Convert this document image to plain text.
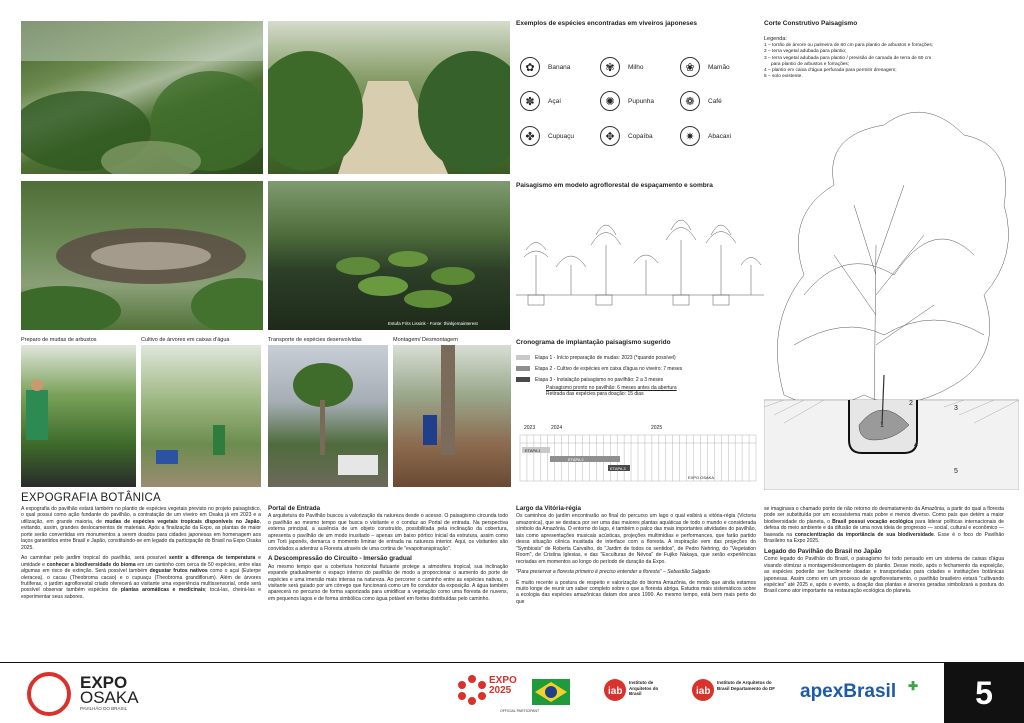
Estufa Frits Lissink - Fonte: thinkjemainterest
Preparo de mudas de arbustos	Cultivo de árvores em caixas d'água	Transporte de espécies desenvolvidas	Montagem/ Desmontagem
Exemplos de espécies encontradas em viveiros japoneses
✿	Banana	✾	Milho	❀	Mamão
✽	Açaí	✺	Pupunha	❁	Café
✤	Cupuaçu	✥	Copaíba	✷	Abacaxi
Corte Construtivo Paisagismo
Legenda:
1 – torrão de árvore ou palmeira de 60 cm para plantio de arbustos e forrações;
2 – terra vegetal adubada para plantio;
3 – terra vegetal adubada para plantio / previsão de camada de terra de 60 cm
para plantio de arbustos e forrações;
4 – plantio em caixa d'água perfurada para permitir drenagem;
5 – solo existente.
1
2
3
4
5
Paisagismo em modelo agroflorestal de espaçamento e sombra
Cronograma de implantação paisagismo sugerido
Etapa 1 - Início preparação de mudas: 2023 (*quando possível)
Etapa 2 - Cultivo de espécies em caixa d'água no viveiro: 7 meses
Etapa 3 - Instalação paisagismo no pavilhão: 2 a 3 meses
Paisagismo pronto no pavilhão: 6 meses antes da abertura
Retirada das espécies para doação: 15 dias
2023	2024	2025
ETAPA 1
ETAPA 2
ETAPA 3
EXPO OSAKA
EXPOGRAFIA BOTÂNICA

A expografia do pavilhão estará também no plantio de espécies vegetais previsto no projeto paisagístico, o qual possui como ação fundante do pavilhão, a contratação de um viveiro em Osaka já em 2023 e a utilização, em grande maioria, de mudas de espécies vegetais tropicais disponíveis no Japão, evitando, assim, grandes deslocamentos de materiais. Após a finalização da Expo, as plantas de maior porte serão convertidas em monumentos a serem doados para cidades japonesas em homenagem aos laços garantidos entre Brasil e Japão, constituindo-se em legado da participação do Brasil na Expo Osaka 2025.

Ao caminhar pelo jardim tropical do pavilhão, será possível sentir a diferença de temperatura e umidade e conhecer a biodiversidade do bioma em um caminho com cerca de 50 espécies, entre elas algumas em risco de extinção. Será possível também degustar frutos nativos como o açaí (Euterpe oleracea), o cacau (Theobroma cacao) e o cupuaçu (Theobroma grandiflorum). Além de árvores frutíferas, o jardim agroflorestal criado oferecerá ao visitante uma experiência multissensorial, onde será possível observar também espécies de plantas aromáticas e medicinais; tocá-las, cheirá-las e experimentar seus sabores.

Portal de Entrada

A arquitetura do Pavilhão buscou a valorização da natureza desde o acesso. O paisagismo circunda todo o pavilhão ao mesmo tempo que busca o visitante e o conduz ao Portal de entrada. Na perspectiva externa principal, a ausência de um objeto construído, possibilitada pela inclinação da cobertura, apresenta o pavilhão de um modo inusitado – apenas um baixo pórtico inicial da estrutura, assim como um Torii japonês, demarca o momento liminar de entrada na natureza interior. Aqui, os visitantes são convidados a adentrar a Floresta através de uma cortina de "evapotranspiração".

A Descompressão do Circuito - Imersão gradual

Ao mesmo tempo que a cobertura horizontal flutuante protege a atmosfera tropical, sua inclinação expande gradualmente o espaço interno do pavilhão de modo a proporcionar o aumento do porte de espécies e uma imersão mais intensa na natureza. Ao percorrer o caminho entre as espécies nativas, o visitante será guiado por um córrego que funcionará como um fio condutor da exposição. A água também aparecerá no percurso de forma vaporizada para umidificar a vegetação como uma floresta de nuvens, em pequenos lagos e de forma simbólica como água potável em fontes distribuídas pelo caminho.

Largo da Vitória-régia

Os caminhos do jardim encontrarão ao final do percurso um lago o qual exibirá a vitória-régia (Victoria amazonica), que se destaca por ser uma das maiores plantas aquáticas de todo o mundo e considerada símbolo da Amazônia. O entorno do lago, é também o palco das mais importantes atividades do pavilhão, tais como apresentações musicais acústicas, projeções multimídias e performances, que farão partido dessa situação cênica inusitada de interface com a floresta. A inspiração vem das projeções do "Symbiosis" de Roberta Carvalho, do "Jardim de todos os sentidos", de Pedro Nehring, do "Vegetation Room", de Cristina Iglesias, e das "Esculturas de Névoa" de Fujiko Nakaya, que serão experiências recriadas em momentos ao longo do período de duração da Expo.

"Para preservar a floresta primeiro é preciso entender a floresta" – Sebastião Salgado

É muito recente a postura de respeito e valorização do bioma Amazônia, de modo que ainda estamos muito longe de reunir um saber completo sobre o que a floresta abriga. Estudos mais sistemáticos sobre a ecologia das espécies amazônicas datam dos anos 1990. Ao mesmo tempo, está bem mais perto do que

se imaginava o chamado ponto de não retorno do desmatamento da Amazônia, a partir do qual a floresta pode ser substituída por um ecossistema mais pobre e menos diverso. Como país que detém a maior biodiversidade do planeta, o Brasil possui vocação ecológica para liderar políticas internacionais de defesa do meio ambiente e da difusão de uma nova ideia de progresso — social, cultural e econômico — baseada na conscientização da importância de sua biodiversidade. Esse é o foco do Pavilhão Brasileiro na Expo 2025.

Legado do Pavilhão do Brasil no Japão

Como legado do Pavilhão do Brasil, o paisagismo foi todo pensado em um sistema de caixas d'água visando otimizar a montagem/desmontagem do plantio. Desse modo, após o fechamento da exposição, as espécies poderão ser facilmente doadas e transportadas para cidades e instituições botânicas japonesas. Assim como em um processo de agroflorestamento, o pavilhão brasileiro estará "cultivando espécies" até 2025 e, após o evento, a doação das plantas e árvores geradas simbolizará a postura do Brasil como ator importante na restauração ecológica do planeta.

EXPO
OSAKA
PAVILHÃO DO BRASIL
EXPO
2025
OFFICIAL PARTICIPANT
iab
Instituto de Arquitetos do Brasil	iab
Instituto de Arquitetos do Brasil Departamento do DF apexBrasil ✚	5
